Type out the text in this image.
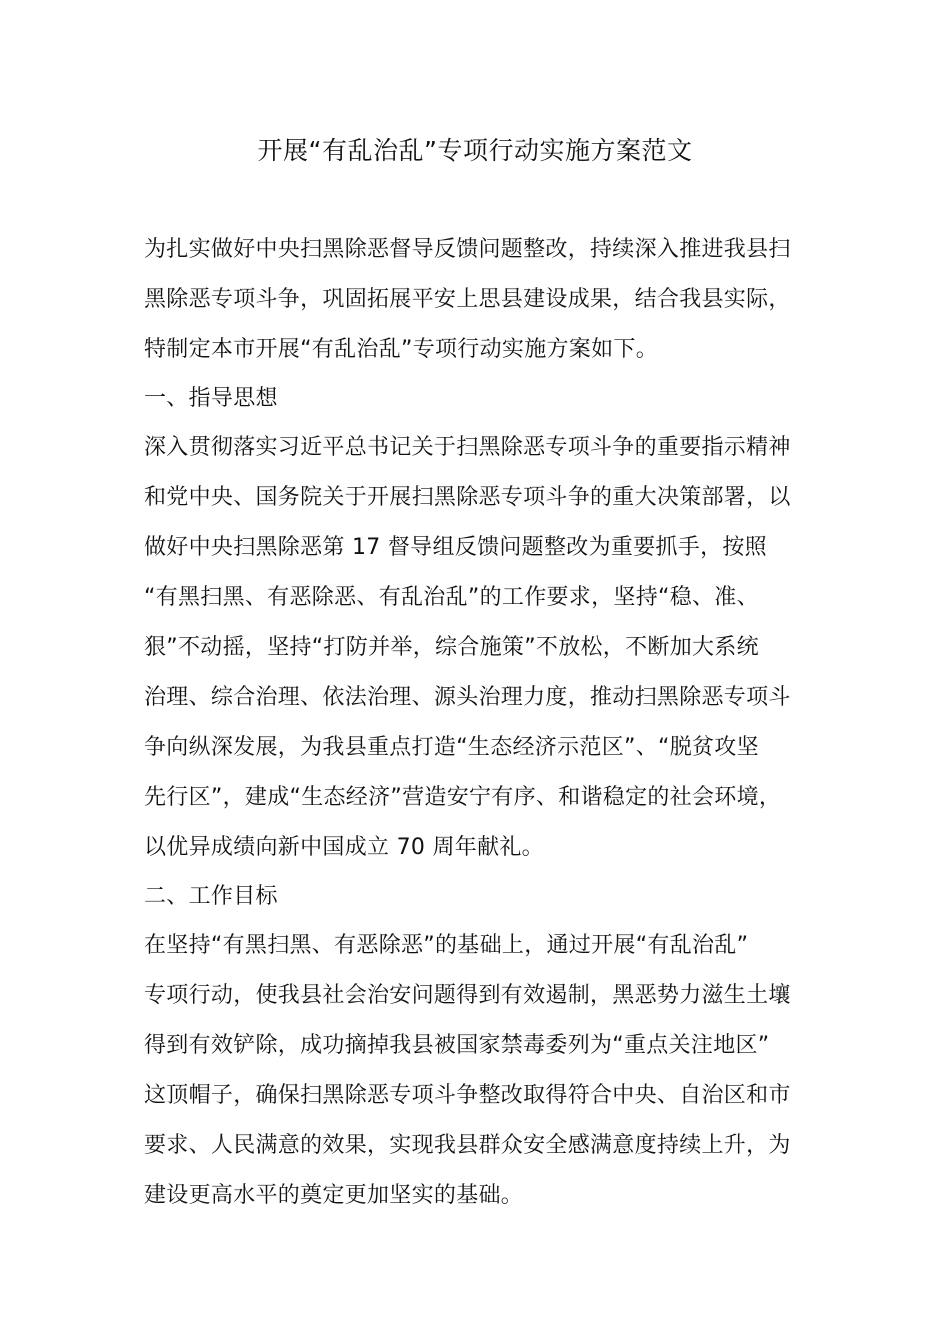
开展“有乱治乱”专项行动实施方案范文
为扎实做好中央扫黑除恶督导反馈问题整改，持续深入推进我县扫
黑除恶专项斗争，巩固拓展平安上思县建设成果，结合我县实际，
特制定本市开展“有乱治乱”专项行动实施方案如下。
一、指导思想
深入贯彻落实习近平总书记关于扫黑除恶专项斗争的重要指示精神
和党中央、国务院关于开展扫黑除恶专项斗争的重大决策部署，以
做好中央扫黑除恶第 17 督导组反馈问题整改为重要抓手，按照
“有黑扫黑、有恶除恶、有乱治乱”的工作要求，坚持“稳、准、
狠”不动摇，坚持“打防并举，综合施策”不放松，不断加大系统
治理、综合治理、依法治理、源头治理力度，推动扫黑除恶专项斗
争向纵深发展，为我县重点打造“生态经济示范区”、“脱贫攻坚
先行区”，建成“生态经济”营造安宁有序、和谐稳定的社会环境，
以优异成绩向新中国成立 70 周年献礼。
二、工作目标
在坚持“有黑扫黑、有恶除恶”的基础上，通过开展“有乱治乱”
专项行动，使我县社会治安问题得到有效遏制，黑恶势力滋生土壤
得到有效铲除，成功摘掉我县被国家禁毒委列为“重点关注地区”
这顶帽子，确保扫黑除恶专项斗争整改取得符合中央、自治区和市
要求、人民满意的效果，实现我县群众安全感满意度持续上升，为
建设更高水平的奠定更加坚实的基础。
